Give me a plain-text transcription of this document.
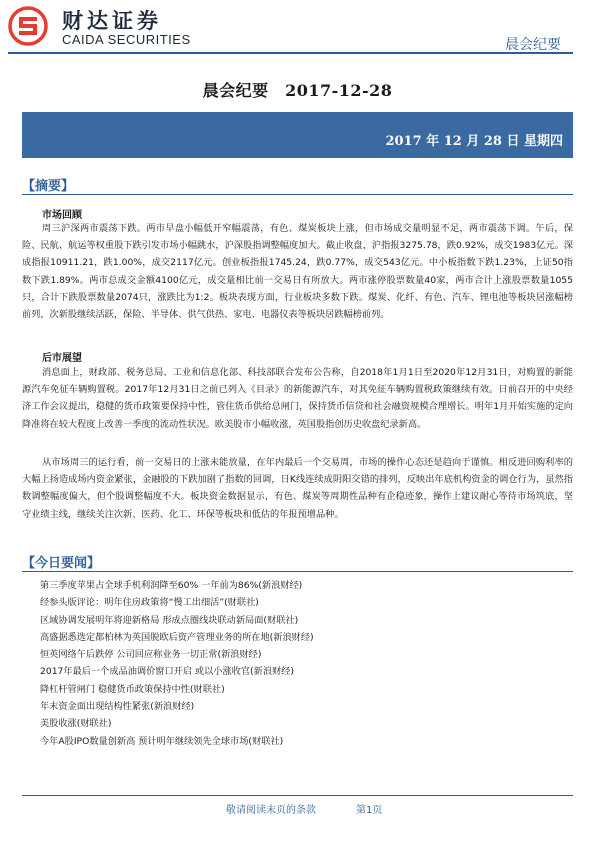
财达证券
CAIDA SECURITIES	晨会纪要
晨会纪要　2017-12-28
2017 年 12 月 28 日 星期四
【摘要】
市场回顾

周三沪深两市震荡下跌。两市早盘小幅低开窄幅震荡，有色、煤炭板块上涨，但市场成交量明显不足，两市震荡下调。午后，保险、民航、航运等权重股下跌引发市场小幅跳水，沪深股指调整幅度加大。截止收盘，沪指报3275.78，跌0.92%，成交1983亿元。深成指报10911.21，跌1.00%，成交2117亿元。创业板指报1745.24，跌0.77%，成交543亿元。中小板指数下跌1.23%，上证50指数下跌1.89%。两市总成交金额4100亿元，成交量相比前一交易日有所放大。两市涨停股票数量40家，两市合计上涨股票数量1055只，合计下跌股票数量2074只，涨跌比为1:2。板块表现方面，行业板块多数下跌。煤炭、化纤、有色、汽车、锂电池等板块居涨幅榜前列，次新股继续活跃，保险、半导体、供气供热、家电、电器仪表等板块居跌幅榜前列。

后市展望

消息面上，财政部、税务总局、工业和信息化部、科技部联合发布公告称，自2018年1月1日至2020年12月31日，对购置的新能源汽车免征车辆购置税。2017年12月31日之前已列入《目录》的新能源汽车，对其免征车辆购置税政策继续有效。日前召开的中央经济工作会议提出，稳健的货币政策要保持中性，管住货币供给总闸门，保持货币信贷和社会融资规模合理增长。明年1月开始实施的定向降准将在较大程度上改善一季度的流动性状况。欧美股市小幅收涨，英国股指创历史收盘纪录新高。

从市场周三的运行看，前一交易日的上涨未能放量，在年内最后一个交易周，市场的操作心态还是趋向于谨慎。相反进回购利率的大幅上扬造成场内资金紧张，金融股的下跌加剧了指数的回调，日K线连续成阴阳交错的排列，反映出年底机构资金的调仓行为，虽然指数调整幅度偏大，但个股调整幅度不大。板块资金数据显示，有色、煤炭等周期性品种有企稳迹象，操作上建议耐心等待市场筑底，坚守业绩主线，继续关注次新、医药、化工、环保等板块和低估的年报预增品种。

【今日要闻】
第三季度苹果占全球手机利润降至60% 一年前为86%(新浪财经)
经参头版评论：明年住房政策将“慢工出细活”(财联社)
区域协调发展明年将迎新格局 形成点圈线块联动新局面(财联社)
高盛据悉选定都柏林为英国脱欧后资产管理业务的所在地(新浪财经)
恒英网络午后跌停 公司回应称业务一切正常(新浪财经)
2017年最后一个成品油调价窗口开启 或以小涨收官(新浪财经)
降杠杆管闸门 稳健货币政策保持中性(财联社)
年末资金面出现结构性紧张(新浪财经)
美股收涨(财联社)
今年A股IPO数量创新高 预计明年继续领先全球市场(财联社)
敬请阅读末页的条款	第1页
